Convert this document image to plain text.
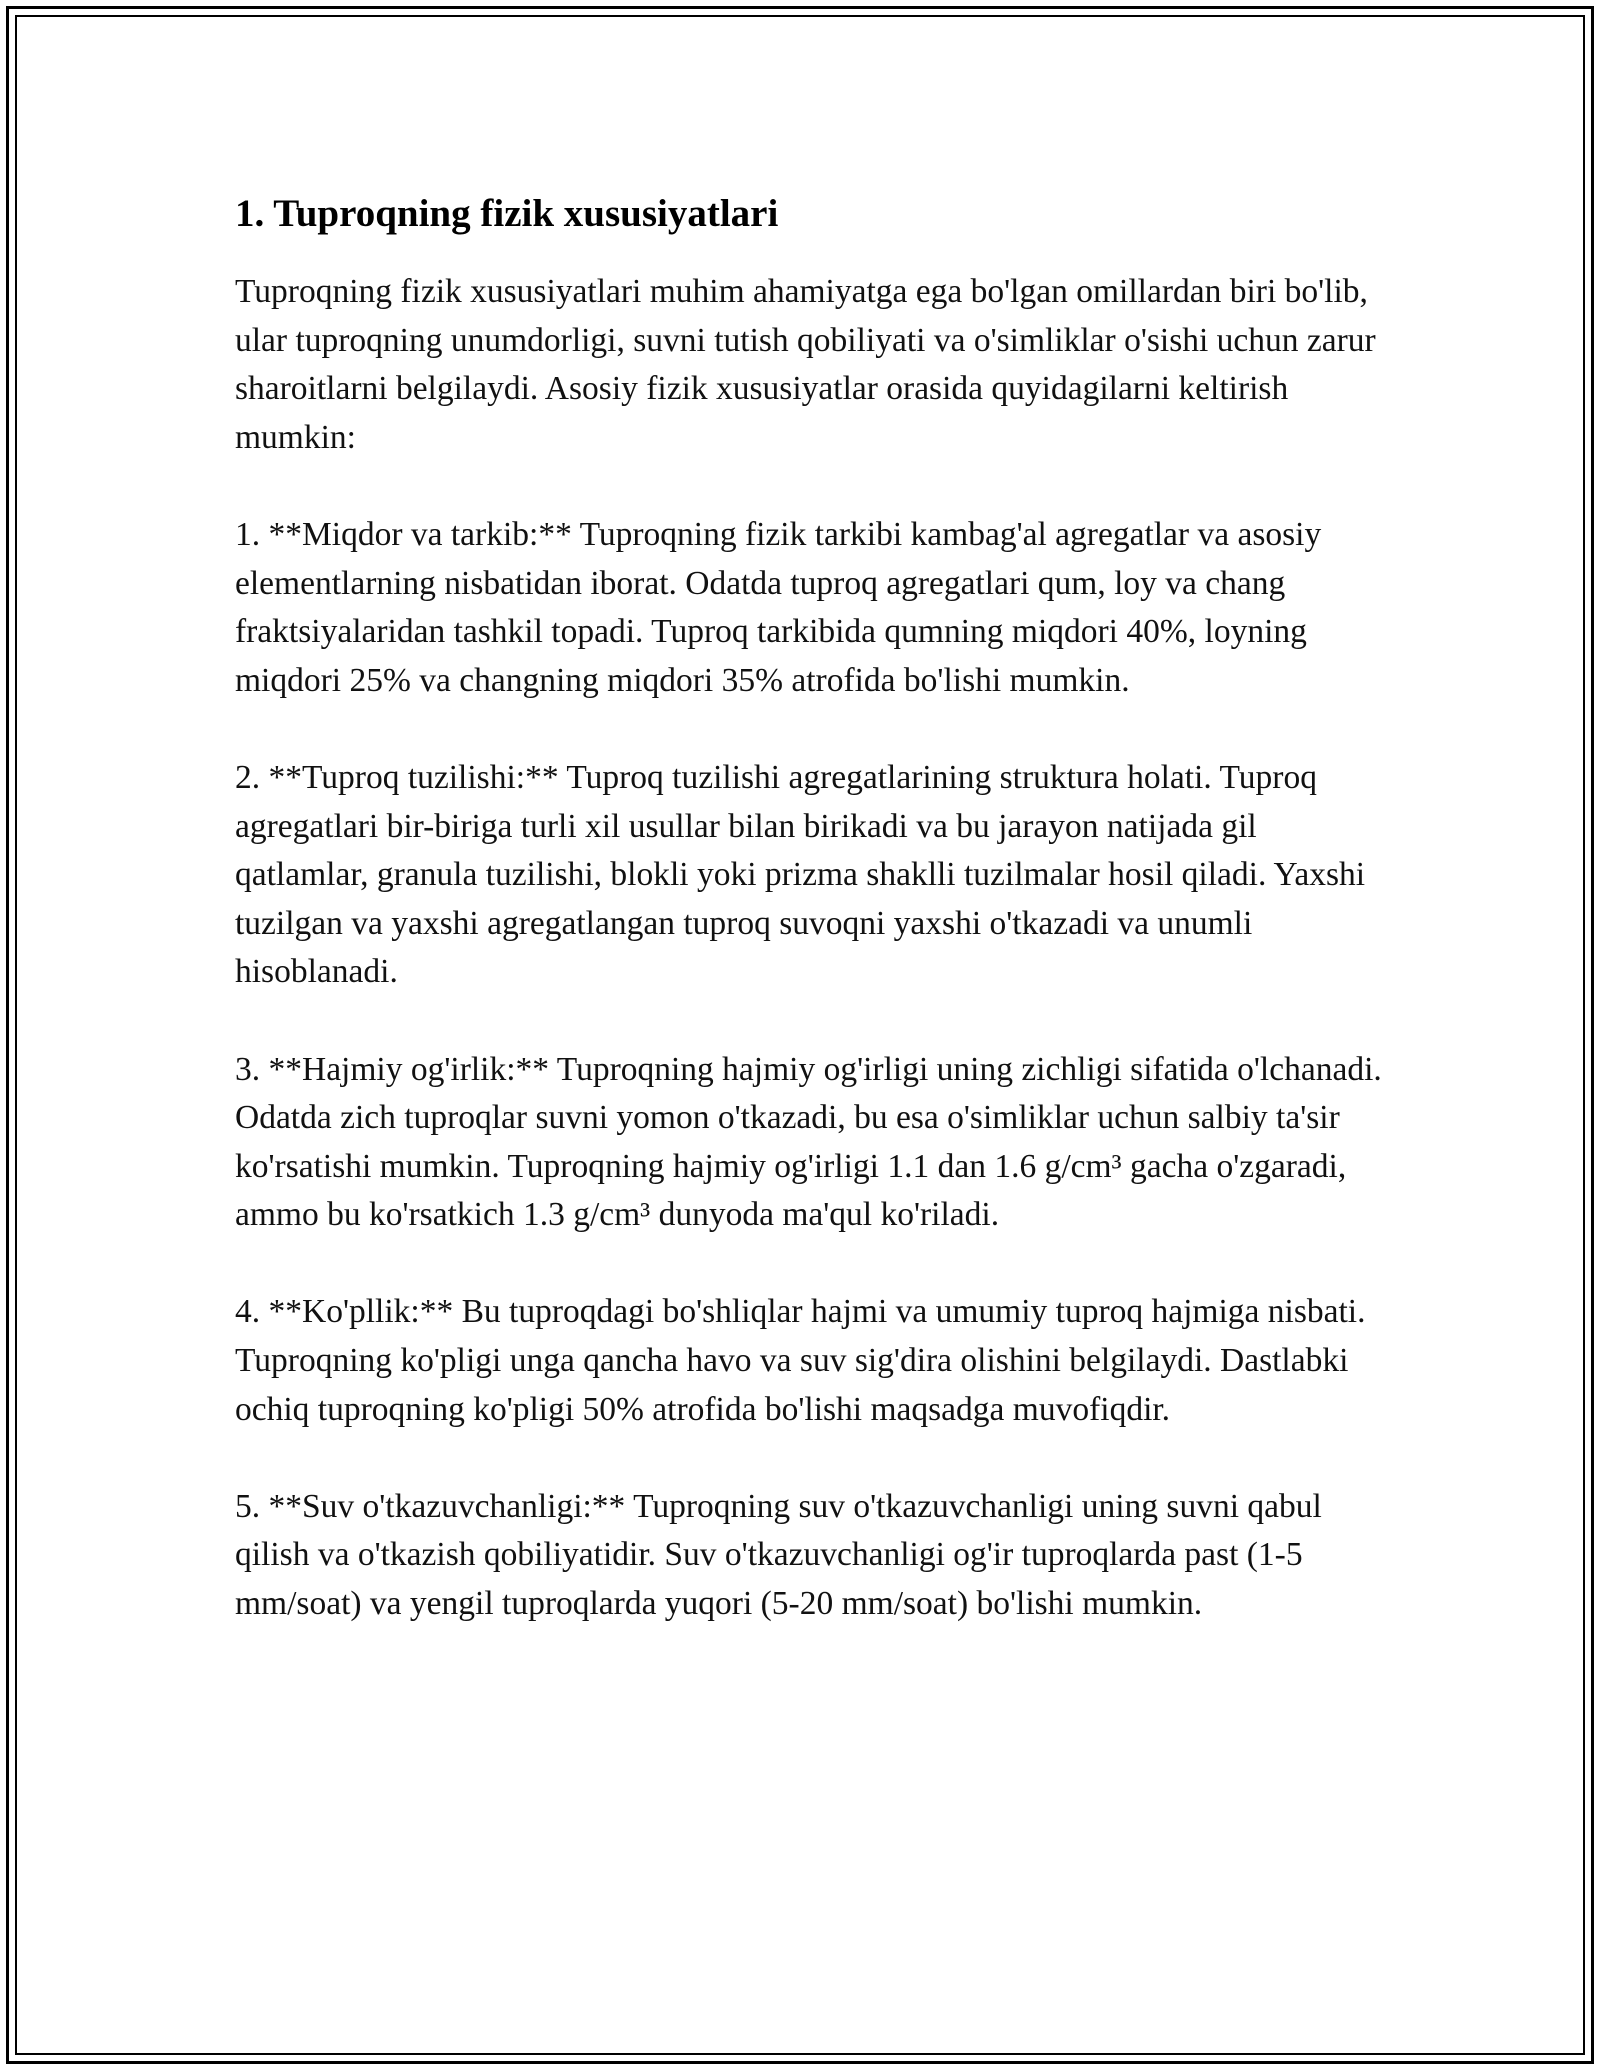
1. Tuproqning fizik xususiyatlari

Tuproqning fizik xususiyatlari muhim ahamiyatga ega bo'lgan omillardan biri bo'lib, ular tuproqning unumdorligi, suvni tutish qobiliyati va o'simliklar o'sishi uchun zarur sharoitlarni belgilaydi. Asosiy fizik xususiyatlar orasida quyidagilarni keltirish mumkin:

1. **Miqdor va tarkib:** Tuproqning fizik tarkibi kambag'al agregatlar va asosiy elementlarning nisbatidan iborat. Odatda tuproq agregatlari qum, loy va chang fraktsiyalaridan tashkil topadi. Tuproq tarkibida qumning miqdori 40%, loyning miqdori 25% va changning miqdori 35% atrofida bo'lishi mumkin.

2. **Tuproq tuzilishi:** Tuproq tuzilishi agregatlarining struktura holati. Tuproq agregatlari bir-biriga turli xil usullar bilan birikadi va bu jarayon natijada gil qatlamlar, granula tuzilishi, blokli yoki prizma shaklli tuzilmalar hosil qiladi. Yaxshi tuzilgan va yaxshi agregatlangan tuproq suvoqni yaxshi o'tkazadi va unumli hisoblanadi.

3. **Hajmiy og'irlik:** Tuproqning hajmiy og'irligi uning zichligi sifatida o'lchanadi. Odatda zich tuproqlar suvni yomon o'tkazadi, bu esa o'simliklar uchun salbiy ta'sir ko'rsatishi mumkin. Tuproqning hajmiy og'irligi 1.1 dan 1.6 g/cm³ gacha o'zgaradi, ammo bu ko'rsatkich 1.3 g/cm³ dunyoda ma'qul ko'riladi.

4. **Ko'pllik:** Bu tuproqdagi bo'shliqlar hajmi va umumiy tuproq hajmiga nisbati. Tuproqning ko'pligi unga qancha havo va suv sig'dira olishini belgilaydi. Dastlabki ochiq tuproqning ko'pligi 50% atrofida bo'lishi maqsadga muvofiqdir.

5. **Suv o'tkazuvchanligi:** Tuproqning suv o'tkazuvchanligi uning suvni qabul qilish va o'tkazish qobiliyatidir. Suv o'tkazuvchanligi og'ir tuproqlarda past (1-5 mm/soat) va yengil tuproqlarda yuqori (5-20 mm/soat) bo'lishi mumkin.
